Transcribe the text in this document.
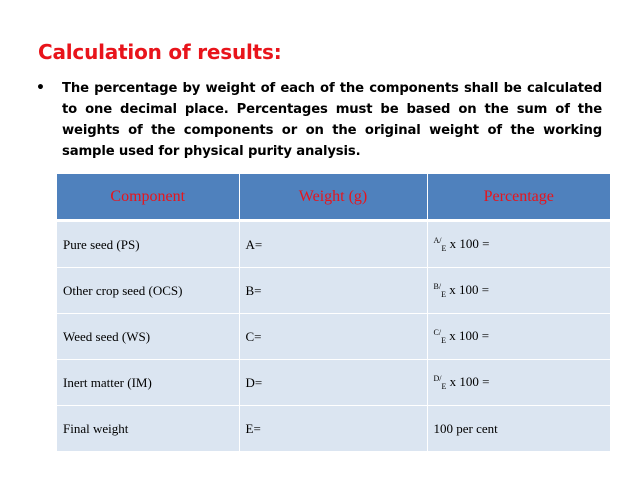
Calculation of results:
•	The percentage by weight of each of the components shall be calculated to one decimal place. Percentages must be based on the sum of the weights of the components or on the original weight of the working sample used for physical purity analysis.
Component	Weight (g)	Percentage
Pure seed (PS)	A=	$^{A/}_E$ x 100 =
Other crop seed (OCS)	B=	$^{B/}_E$ x 100 =
Weed seed (WS)	C=	$^{C/}_E$ x 100 =
Inert matter (IM)	D=	$^{D/}_E$ x 100 =
Final weight	E=	100 per cent
